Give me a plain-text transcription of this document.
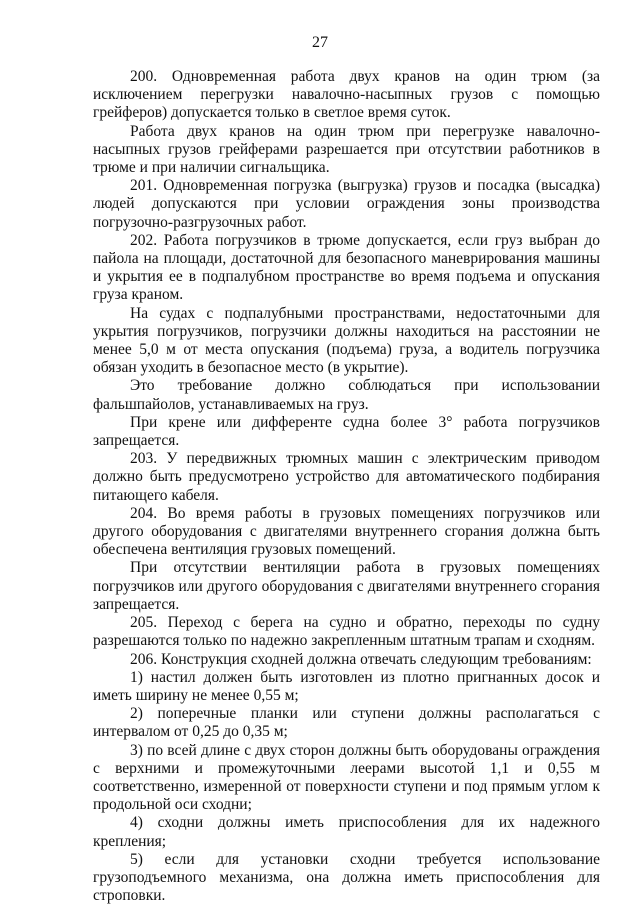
27

200. Одновременная работа двух кранов на один трюм (за исключением перегрузки навалочно-насыпных грузов с помощью грейферов) допускается только в светлое время суток.

Работа двух кранов на один трюм при перегрузке навалочно-насыпных грузов грейферами разрешается при отсутствии работников в трюме и при наличии сигнальщика.

201. Одновременная погрузка (выгрузка) грузов и посадка (высадка) людей допускаются при условии ограждения зоны производства погрузочно-разгрузочных работ.

202. Работа погрузчиков в трюме допускается, если груз выбран до пайола на площади, достаточной для безопасного маневрирования машины и укрытия ее в подпалубном пространстве во время подъема и опускания груза краном.

На судах с подпалубными пространствами, недостаточными для укрытия погрузчиков, погрузчики должны находиться на расстоянии не менее 5,0 м от места опускания (подъема) груза, а водитель погрузчика обязан уходить в безопасное место (в укрытие).

Это требование должно соблюдаться при использовании фальшпайолов, устанавливаемых на груз.

При крене или дифференте судна более 3° работа погрузчиков запрещается.

203. У передвижных трюмных машин с электрическим приводом должно быть предусмотрено устройство для автоматического подбирания питающего кабеля.

204. Во время работы в грузовых помещениях погрузчиков или другого оборудования с двигателями внутреннего сгорания должна быть обеспечена вентиляция грузовых помещений.

При отсутствии вентиляции работа в грузовых помещениях погрузчиков или другого оборудования с двигателями внутреннего сгорания запрещается.

205. Переход с берега на судно и обратно, переходы по судну разрешаются только по надежно закрепленным штатным трапам и сходням.

206. Конструкция сходней должна отвечать следующим требованиям:

1) настил должен быть изготовлен из плотно пригнанных досок и иметь ширину не менее 0,55 м;

2) поперечные планки или ступени должны располагаться с интервалом от 0,25 до 0,35 м;

3) по всей длине с двух сторон должны быть оборудованы ограждения с верхними и промежуточными леерами высотой 1,1 и 0,55 м соответственно, измеренной от поверхности ступени и под прямым углом к продольной оси сходни;

4) сходни должны иметь приспособления для их надежного крепления;

5) если для установки сходни требуется использование грузоподъемного механизма, она должна иметь приспособления для строповки.
